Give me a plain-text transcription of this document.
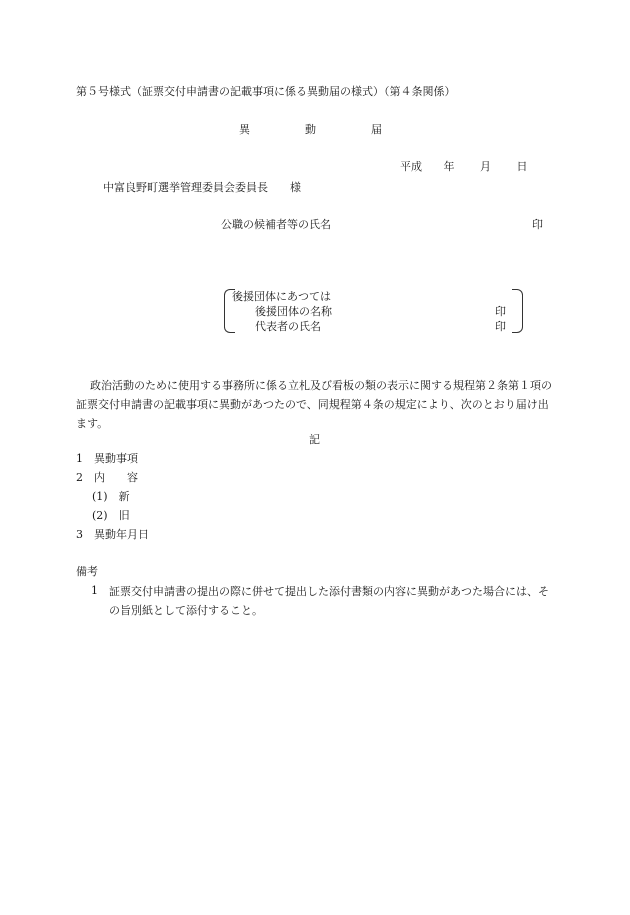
第５号様式（証票交付申請書の記載事項に係る異動届の様式）（第４条関係）
異　　　　　動　　　　　届
平成 年 月 日
中富良野町選挙管理委員会委員長　　様
公職の候補者等の氏名	印
後援団体にあつては
後援団体の名称	印
代表者の氏名	印
政治活動のために使用する事務所に係る立札及び看板の類の表示に関する規程第２条第１項の証票交付申請書の記載事項に異動があつたので、同規程第４条の規定により、次のとおり届け出ます。
記
1　異動事項
2　内　　容
(1)　新
(2)　旧
3　異動年月日
備考
1 証票交付申請書の提出の際に併せて提出した添付書類の内容に異動があつた場合には、その旨別紙として添付すること。
